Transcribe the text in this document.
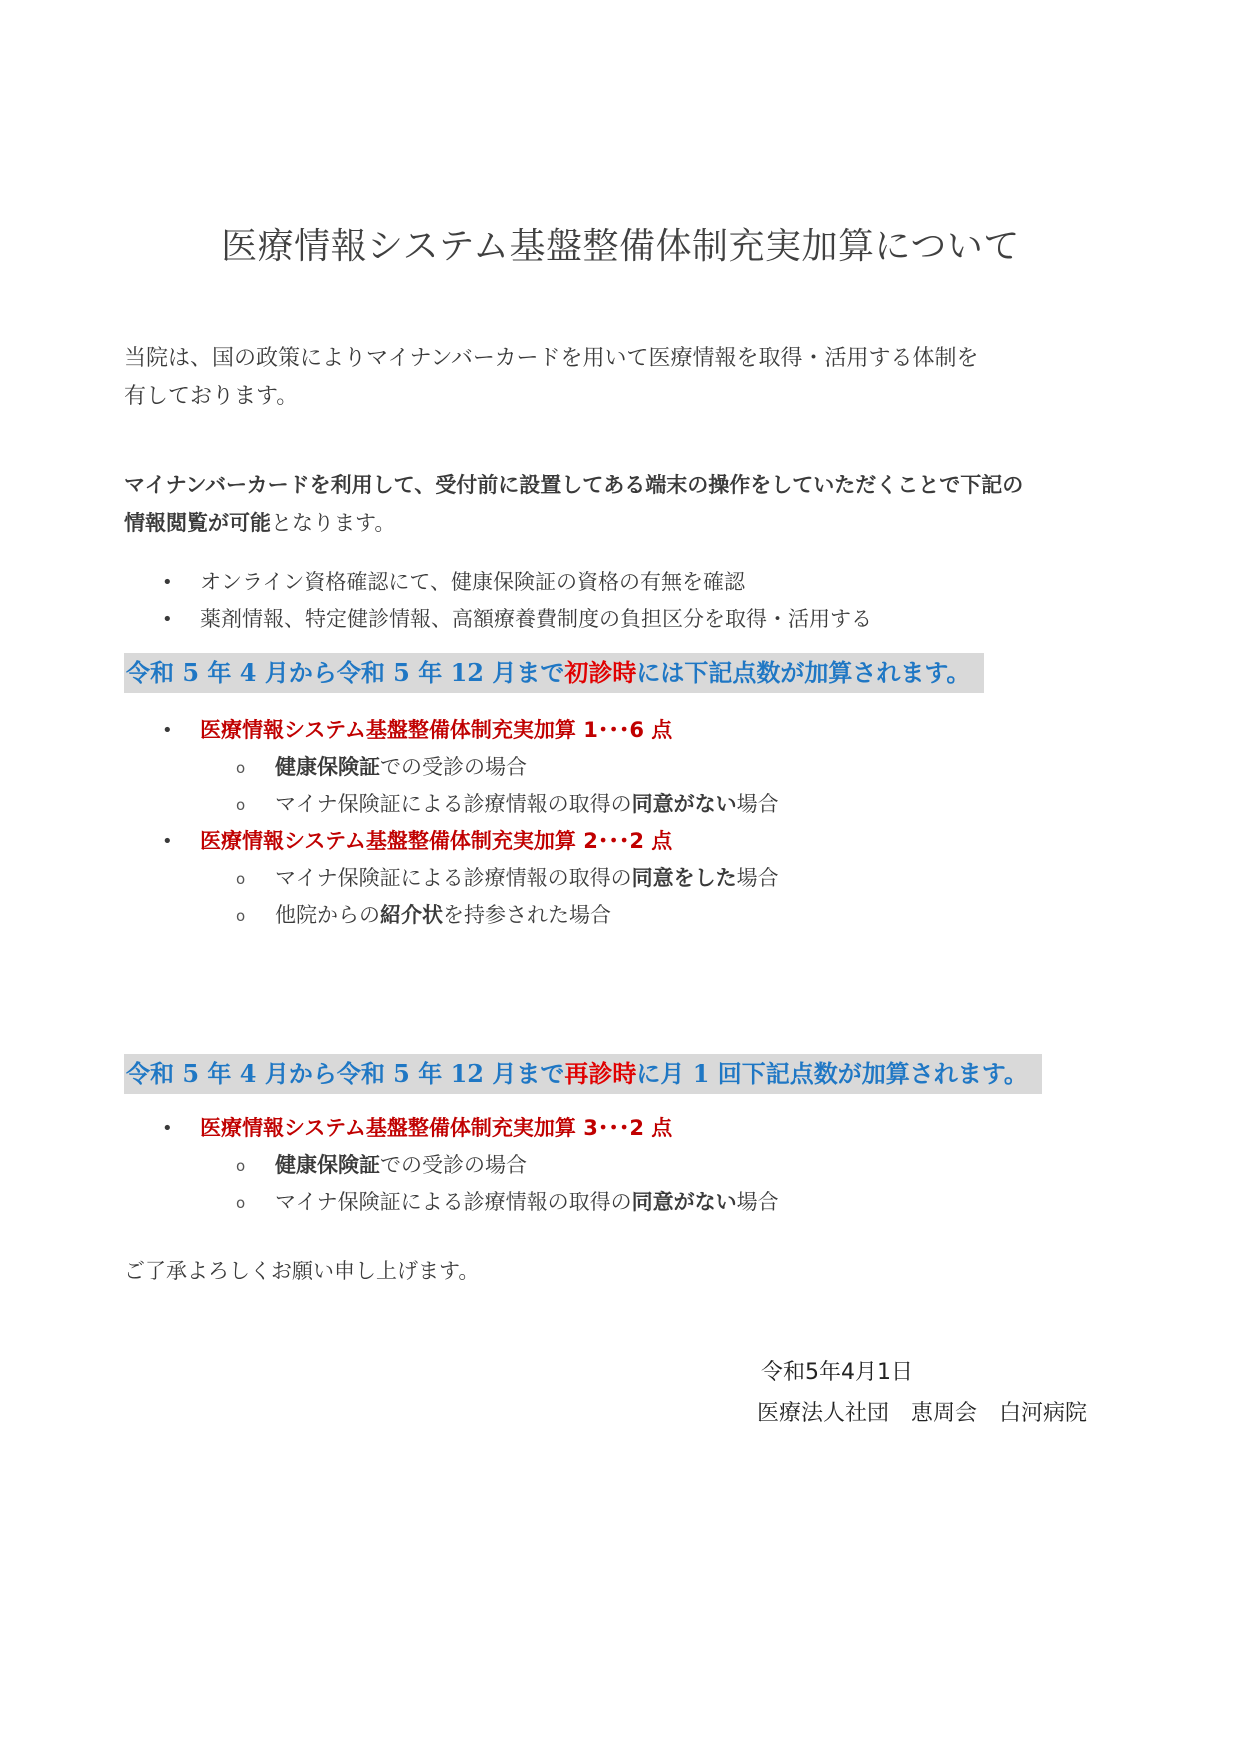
医療情報システム基盤整備体制充実加算について

当院は、国の政策によりマイナンバーカードを用いて医療情報を取得・活用する体制を
有しております。

マイナンバーカードを利用して、受付前に設置してある端末の操作をしていただくことで下記の
情報閲覧が可能となります。

• オンライン資格確認にて、健康保険証の資格の有無を確認
• 薬剤情報、特定健診情報、高額療養費制度の負担区分を取得・活用する
令和 5 年 4 月から令和 5 年 12 月まで初診時には下記点数が加算されます。
• 医療情報システム基盤整備体制充実加算 1･･･6 点
o 健康保険証での受診の場合
o マイナ保険証による診療情報の取得の同意がない場合
• 医療情報システム基盤整備体制充実加算 2･･･2 点
o マイナ保険証による診療情報の取得の同意をした場合
o 他院からの紹介状を持参された場合
令和 5 年 4 月から令和 5 年 12 月まで再診時に月 1 回下記点数が加算されます。
• 医療情報システム基盤整備体制充実加算 3･･･2 点
o 健康保険証での受診の場合
o マイナ保険証による診療情報の取得の同意がない場合

ご了承よろしくお願い申し上げます。

令和5年4月1日
医療法人社団　恵周会　白河病院
